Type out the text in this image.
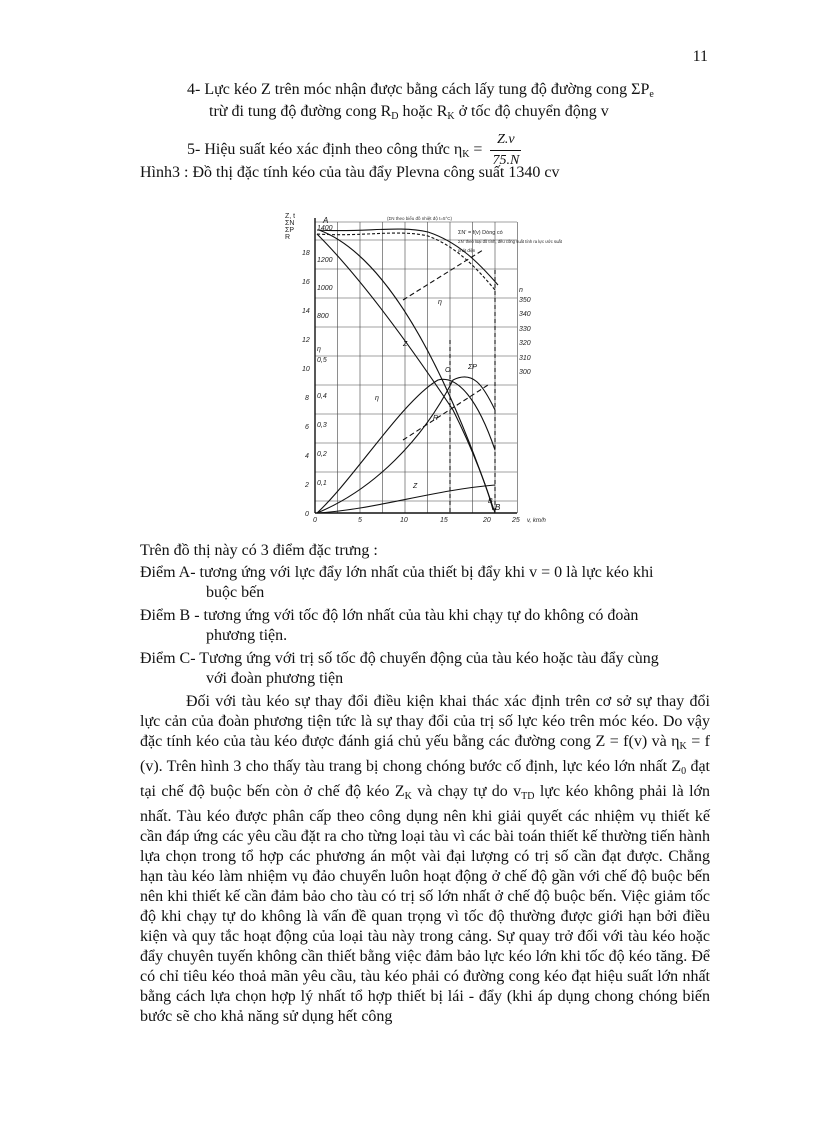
11
4- Lực kéo Z trên móc nhận được bằng cách lấy tung độ đường cong $\Sigma P_e$
trừ đi tung độ đường cong $R_D$ hoặc $R_K$ ở tốc độ chuyển động v
5- Hiệu suất kéo xác định theo công thức $\eta_K = \frac{Z.v}{75.N}$
Hình3 : Đồ thị đặc tính kéo của tàu đẩy Plevna công suất 1340 cv
Z, t
ΣN
ΣP
R
0
2
4
6
8
10
12
14
16
18
1400
1200
1000
800
0,1
0,2
0,3
0,4
0,5
η
n
350
340
330
320
310
300
0	5	10	15	20	25 v, km/h
A
B
(ΣN theo biểu đồ nhiệt độ t=5°C)
ΣN' = f(v) Dòng có
ΣN' theo loại đồ tính, đều công suất tính ra lực ước suất
phát điện
η
η
Z
ΣP
R
Z
C
B
Trên đồ thị này có 3 điểm đặc trưng :
Điểm A- tương ứng với lực đẩy lớn nhất của thiết bị đẩy khi v = 0 là lực kéo khi
buộc bến
Điểm B - tương ứng với tốc độ lớn nhất của tàu khi chạy tự do không có đoàn
phương tiện.
Điểm C- Tương ứng với trị số tốc độ chuyển động của tàu kéo hoặc tàu đẩy cùng
với đoàn phương tiện
Đối với tàu kéo sự thay đổi điều kiện khai thác xác định trên cơ sở sự thay đổi lực cản của đoàn phương tiện tức là sự thay đổi của trị số lực kéo trên móc kéo. Do vậy đặc tính kéo của tàu kéo được đánh giá chủ yếu bằng các đường cong Z = f(v) và $\eta_K = f$ (v). Trên hình 3 cho thấy tàu trang bị chong chóng bước cố định, lực kéo lớn nhất $Z_0$ đạt tại chế độ buộc bến còn ở chế độ kéo $Z_K$ và chạy tự do $v_{TD}$ lực kéo không phải là lớn nhất. Tàu kéo được phân cấp theo công dụng nên khi giải quyết các nhiệm vụ thiết kế cần đáp ứng các yêu cầu đặt ra cho từng loại tàu vì các bài toán thiết kế thường tiến hành lựa chọn trong tổ hợp các phương án một vài đại lượng có trị số cần đạt được. Chẳng hạn tàu kéo làm nhiệm vụ đảo chuyển luôn hoạt động ở chế độ gần với chế độ buộc bến nên khi thiết kế cần đảm bảo cho tàu có trị số lớn nhất ở chế độ buộc bến. Việc giảm tốc độ khi chạy tự do không là vấn đề quan trọng vì tốc độ thường được giới hạn bởi điều kiện và quy tắc hoạt động của loại tàu này trong cảng. Sự quay trở đối với tàu kéo hoặc đẩy chuyên tuyến không cần thiết bằng việc đảm bảo lực kéo lớn khi tốc độ kéo tăng. Để có chỉ tiêu kéo thoả mãn yêu cầu, tàu kéo phải có đường cong kéo đạt hiệu suất lớn nhất bằng cách lựa chọn hợp lý nhất tổ hợp thiết bị lái - đẩy (khi áp dụng chong chóng biến bước sẽ cho khả năng sử dụng hết công
